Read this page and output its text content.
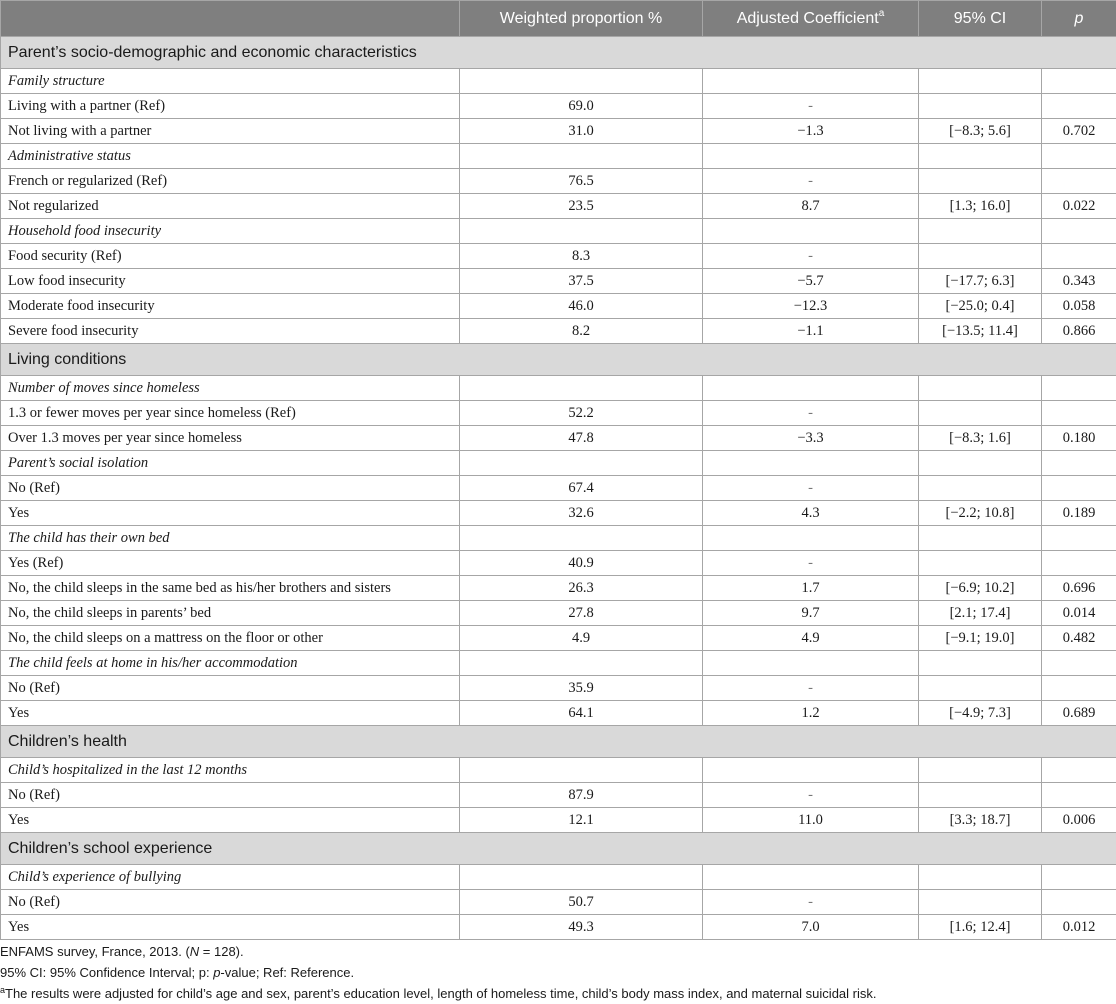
	Weighted proportion %	Adjusted Coefficient$^a$	95% CI	p
Parent’s socio-demographic and economic characteristics				
Family structure				
Living with a partner (Ref)	69.0	-		
Not living with a partner	31.0	−1.3	[−8.3; 5.6]	0.702
Administrative status				
French or regularized (Ref)	76.5	-		
Not regularized	23.5	8.7	[1.3; 16.0]	0.022
Household food insecurity				
Food security (Ref)	8.3	-		
Low food insecurity	37.5	−5.7	[−17.7; 6.3]	0.343
Moderate food insecurity	46.0	−12.3	[−25.0; 0.4]	0.058
Severe food insecurity	8.2	−1.1	[−13.5; 11.4]	0.866
Living conditions				
Number of moves since homeless				
1.3 or fewer moves per year since homeless (Ref)	52.2	-		
Over 1.3 moves per year since homeless	47.8	−3.3	[−8.3; 1.6]	0.180
Parent’s social isolation				
No (Ref)	67.4	-		
Yes	32.6	4.3	[−2.2; 10.8]	0.189
The child has their own bed				
Yes (Ref)	40.9	-		
No, the child sleeps in the same bed as his/her brothers and sisters	26.3	1.7	[−6.9; 10.2]	0.696
No, the child sleeps in parents’ bed	27.8	9.7	[2.1; 17.4]	0.014
No, the child sleeps on a mattress on the floor or other	4.9	4.9	[−9.1; 19.0]	0.482
The child feels at home in his/her accommodation				
No (Ref)	35.9	-		
Yes	64.1	1.2	[−4.9; 7.3]	0.689
Children’s health				
Child’s hospitalized in the last 12 months				
No (Ref)	87.9	-		
Yes	12.1	11.0	[3.3; 18.7]	0.006
Children’s school experience				
Child’s experience of bullying				
No (Ref)	50.7	-		
Yes	49.3	7.0	[1.6; 12.4]	0.012
ENFAMS survey, France, 2013. (N = 128).
95% CI: 95% Confidence Interval; p: p-value; Ref: Reference.
$^a$The results were adjusted for child’s age and sex, parent’s education level, length of homeless time, child’s body mass index, and maternal suicidal risk.
